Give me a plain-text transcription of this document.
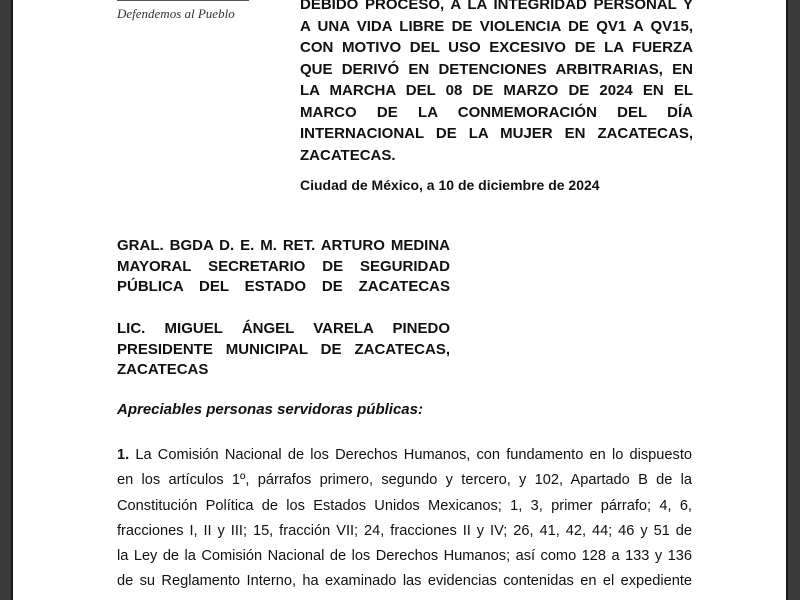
Defendemos al Pueblo
DEBIDO PROCESO, A LA INTEGRIDAD PERSONAL Y
A UNA VIDA LIBRE DE VIOLENCIA DE QV1 A QV15,
CON MOTIVO DEL USO EXCESIVO DE LA FUERZA
QUE DERIVÓ EN DETENCIONES ARBITRARIAS, EN
LA MARCHA DEL 08 DE MARZO DE 2024 EN EL
MARCO DE LA CONMEMORACIÓN DEL DÍA
INTERNACIONAL DE LA MUJER EN ZACATECAS,
ZACATECAS.
Ciudad de México, a 10 de diciembre de 2024
GRAL. BGDA D. E. M. RET. ARTURO MEDINA
MAYORAL SECRETARIO DE SEGURIDAD
PÚBLICA DEL ESTADO DE ZACATECAS
LIC. MIGUEL ÁNGEL VARELA PINEDO
PRESIDENTE MUNICIPAL DE ZACATECAS,
ZACATECAS
Apreciables personas servidoras públicas:
1. La Comisión Nacional de los Derechos Humanos, con fundamento en lo dispuesto
en los artículos 1º, párrafos primero, segundo y tercero, y 102, Apartado B de la
Constitución Política de los Estados Unidos Mexicanos; 1, 3, primer párrafo; 4, 6,
fracciones I, II y III; 15, fracción VII; 24, fracciones II y IV; 26, 41, 42, 44; 46 y 51 de
la Ley de la Comisión Nacional de los Derechos Humanos; así como 128 a 133 y 136
de su Reglamento Interno, ha examinado las evidencias contenidas en el expediente
